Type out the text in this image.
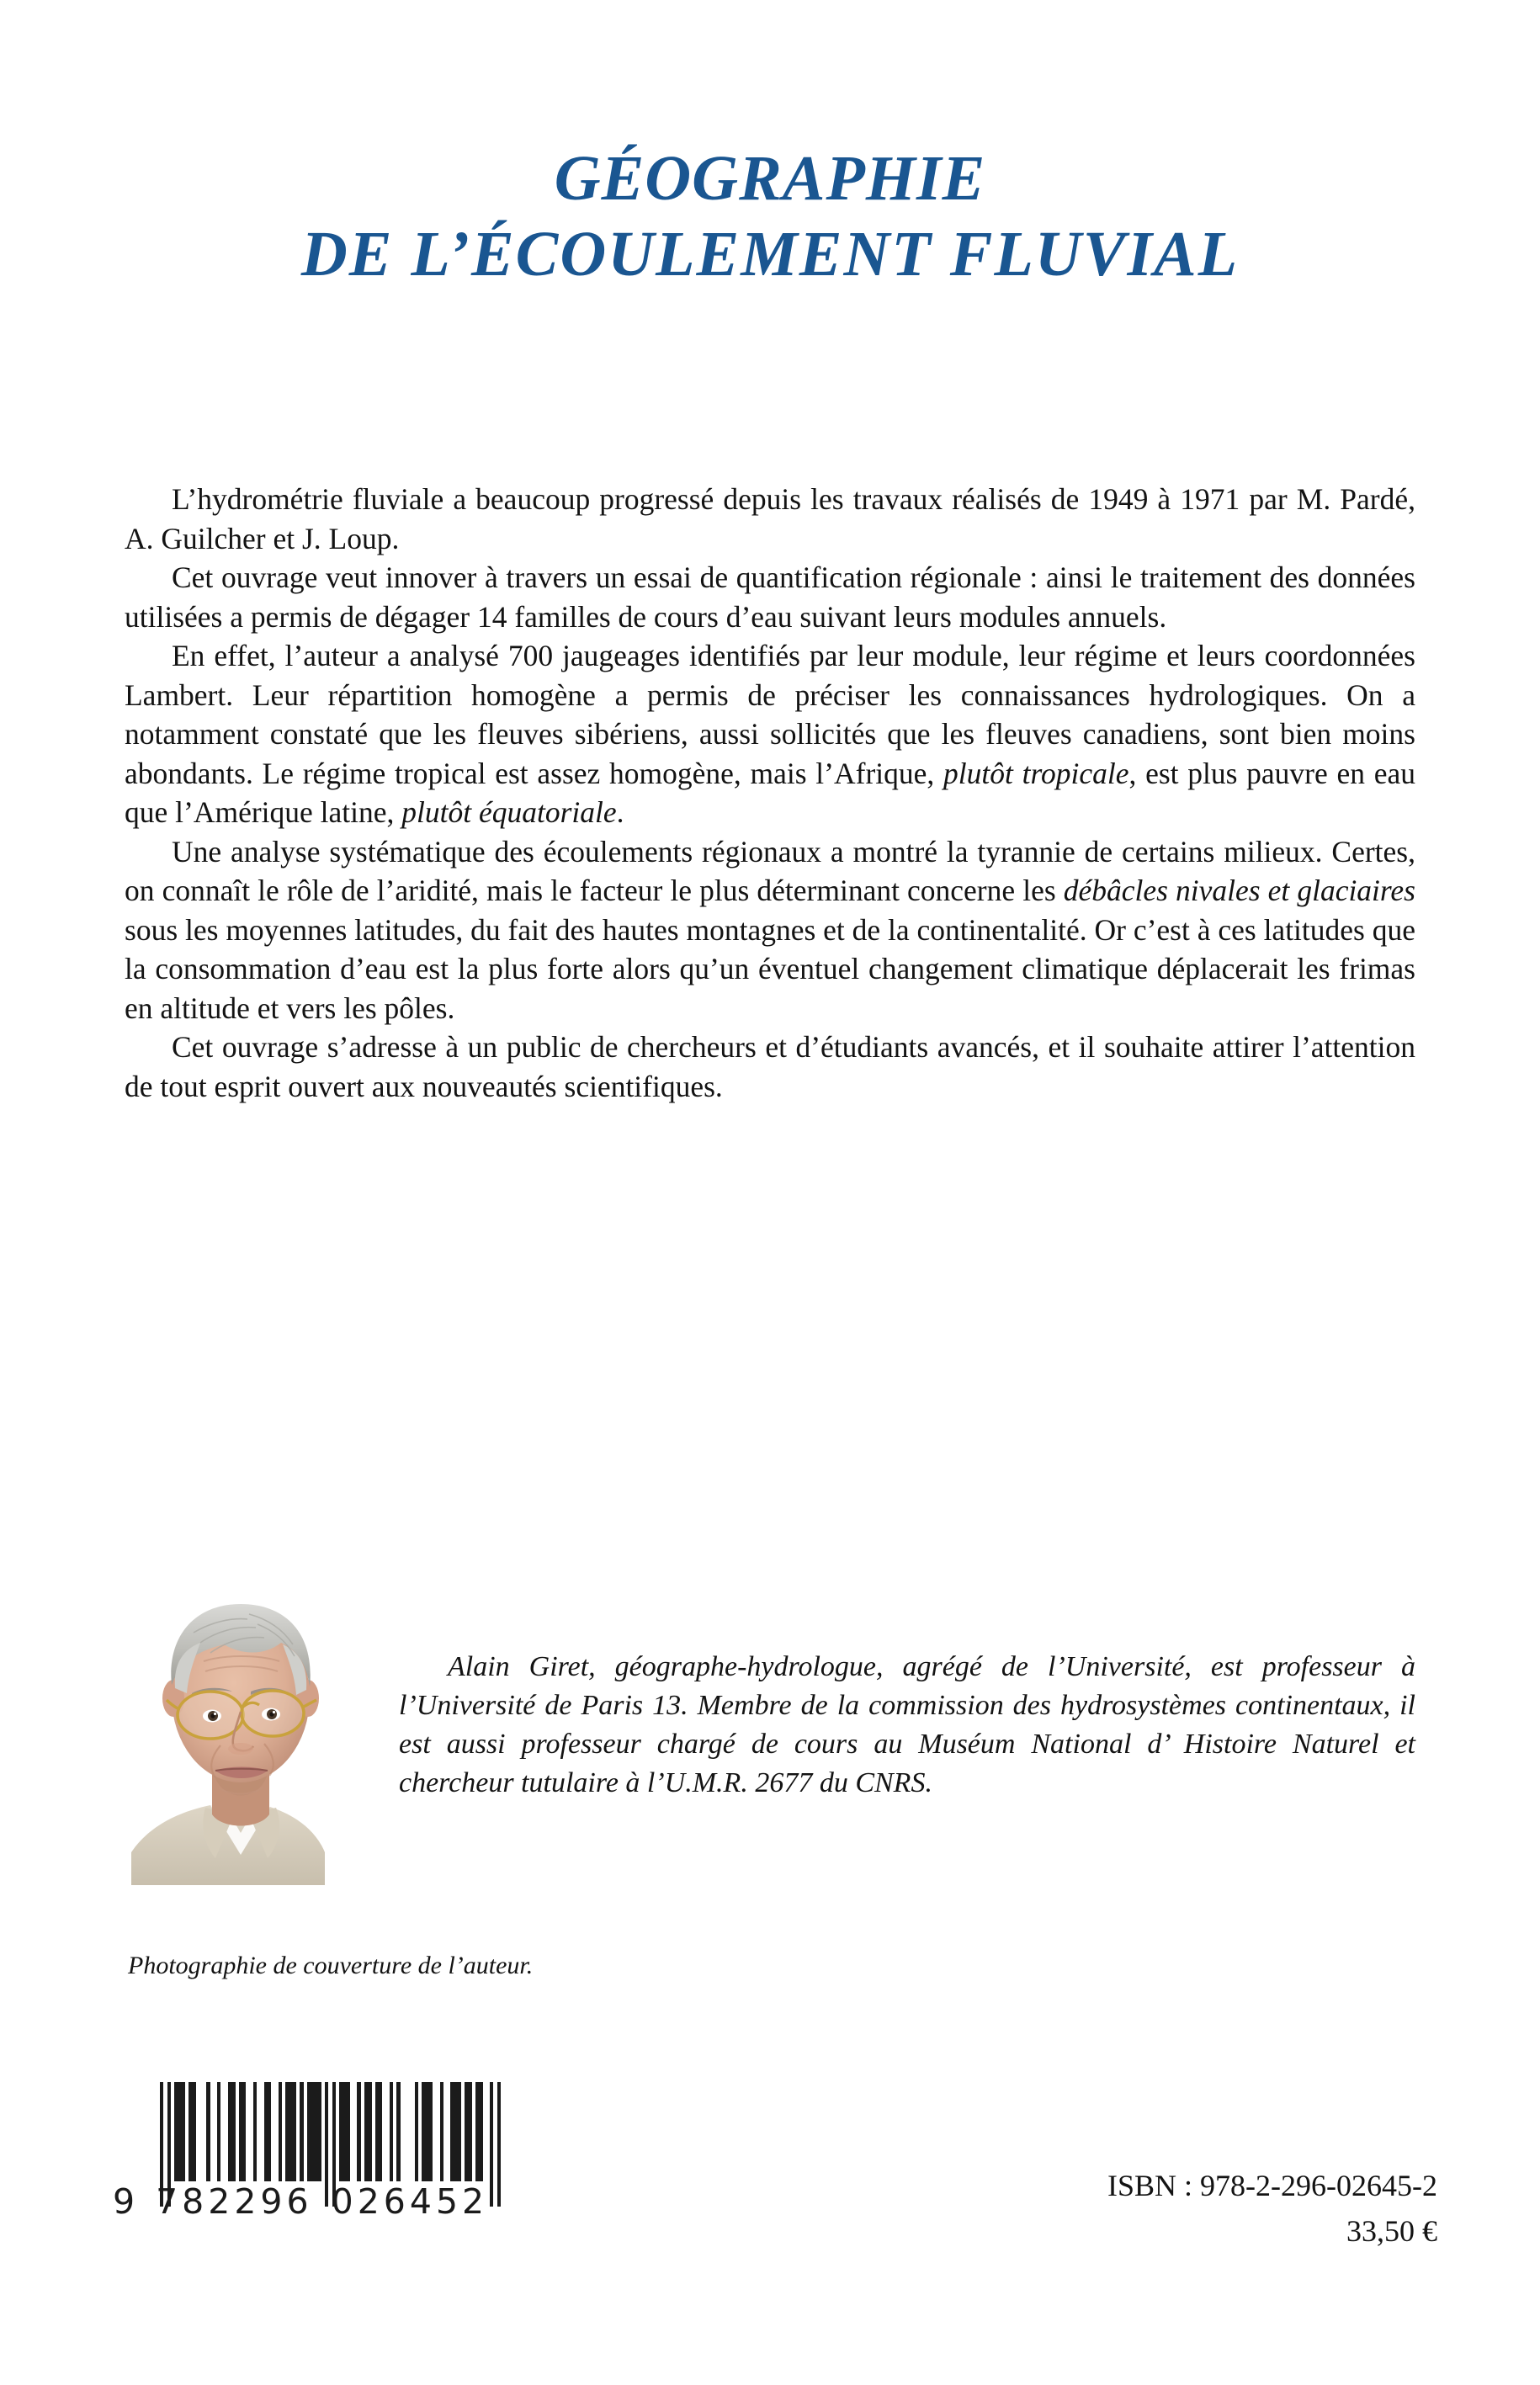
GÉOGRAPHIE
DE L’ÉCOULEMENT FLUVIAL

L’hydrométrie fluviale a beaucoup progressé depuis les travaux réalisés de 1949 à 1971 par M. Pardé, A. Guilcher et J. Loup.

Cet ouvrage veut innover à travers un essai de quantification régionale : ainsi le traitement des données utilisées a permis de dégager 14 familles de cours d’eau suivant leurs modules annuels.

En effet, l’auteur a analysé 700 jaugeages identifiés par leur module, leur régime et leurs coordonnées Lambert. Leur répartition homogène a permis de préciser les connaissances hydrologiques. On a notamment constaté que les fleuves sibériens, aussi sollicités que les fleuves canadiens, sont bien moins abondants. Le régime tropical est assez homogène, mais l’Afrique, plutôt tropicale, est plus pauvre en eau que l’Amérique latine, plutôt équatoriale.

Une analyse systématique des écoulements régionaux a montré la tyrannie de certains milieux. Certes, on connaît le rôle de l’aridité, mais le facteur le plus déterminant concerne les débâcles nivales et glaciaires sous les moyennes latitudes, du fait des hautes montagnes et de la continentalité. Or c’est à ces latitudes que la consommation d’eau est la plus forte alors qu’un éventuel changement climatique déplacerait les frimas en altitude et vers les pôles.

Cet ouvrage s’adresse à un public de chercheurs et d’étudiants avancés, et il souhaite attirer l’attention de tout esprit ouvert aux nouveautés scientifiques.

Alain Giret, géographe-hydrologue, agrégé de l’Université, est professeur à l’Université de Paris 13. Membre de la commission des hydrosystèmes continentaux, il est aussi professeur chargé de cours au Muséum National d’ Histoire Naturel et chercheur tutulaire à l’U.M.R. 2677 du CNRS.

Photographie de couverture de l’auteur.
9 782296 026452	ISBN : 978-2-296-02645-2
33,50 €
